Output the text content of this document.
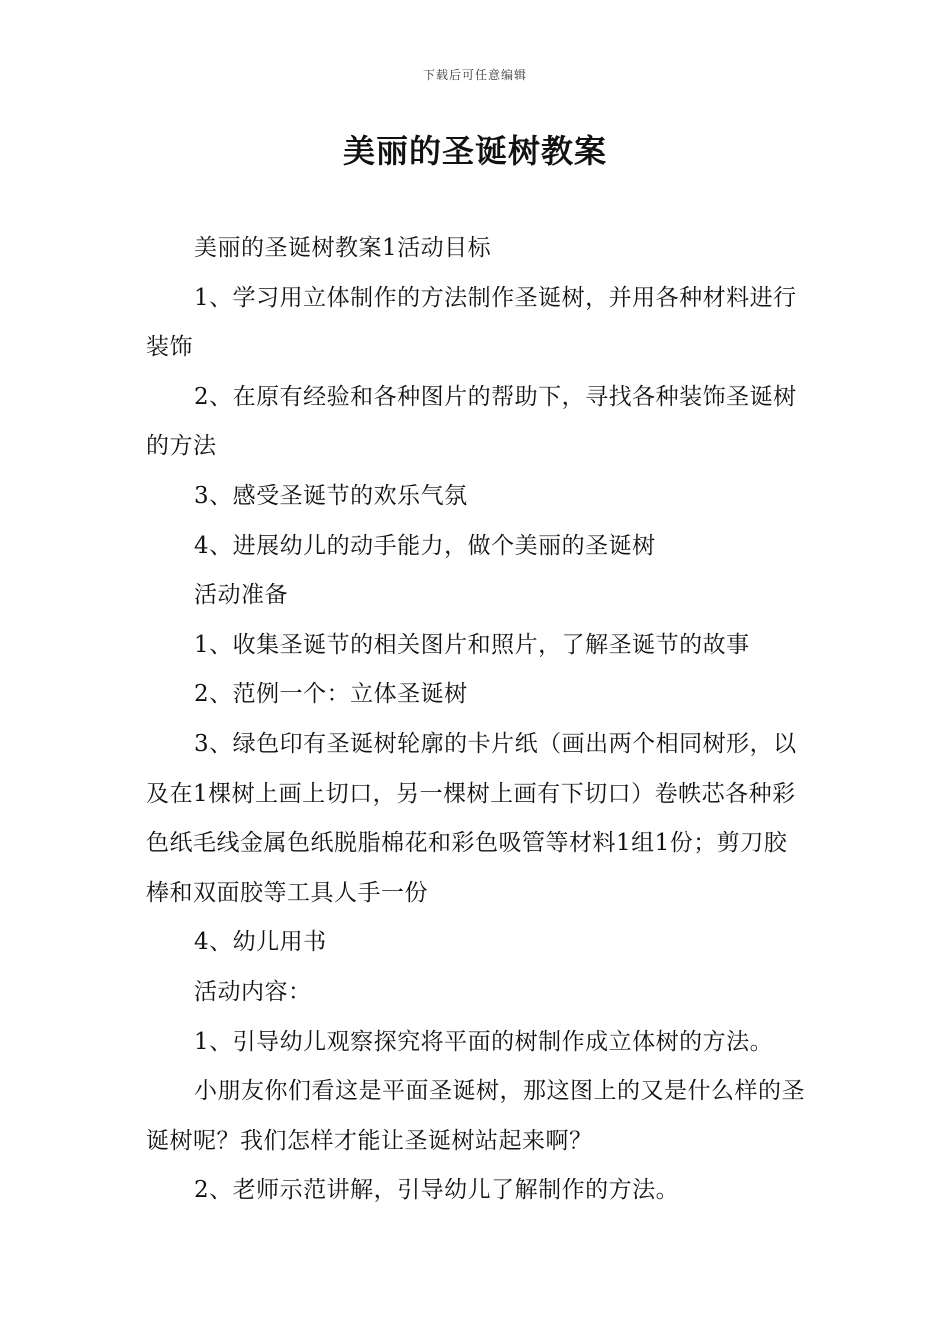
下载后可任意编辑
美丽的圣诞树教案

美丽的圣诞树教案1活动目标

1、学习用立体制作的方法制作圣诞树，并用各种材料进行装饰

2、在原有经验和各种图片的帮助下，寻找各种装饰圣诞树的方法

3、感受圣诞节的欢乐气氛

4、进展幼儿的动手能力，做个美丽的圣诞树

活动准备

1、收集圣诞节的相关图片和照片，了解圣诞节的故事

2、范例一个：立体圣诞树

3、绿色印有圣诞树轮廓的卡片纸（画出两个相同树形，以及在1棵树上画上切口，另一棵树上画有下切口）卷帙芯各种彩色纸毛线金属色纸脱脂棉花和彩色吸管等材料1组1份；剪刀胶棒和双面胶等工具人手一份

4、幼儿用书

活动内容：

1、引导幼儿观察探究将平面的树制作成立体树的方法。

小朋友你们看这是平面圣诞树，那这图上的又是什么样的圣诞树呢？我们怎样才能让圣诞树站起来啊？

2、老师示范讲解，引导幼儿了解制作的方法。
